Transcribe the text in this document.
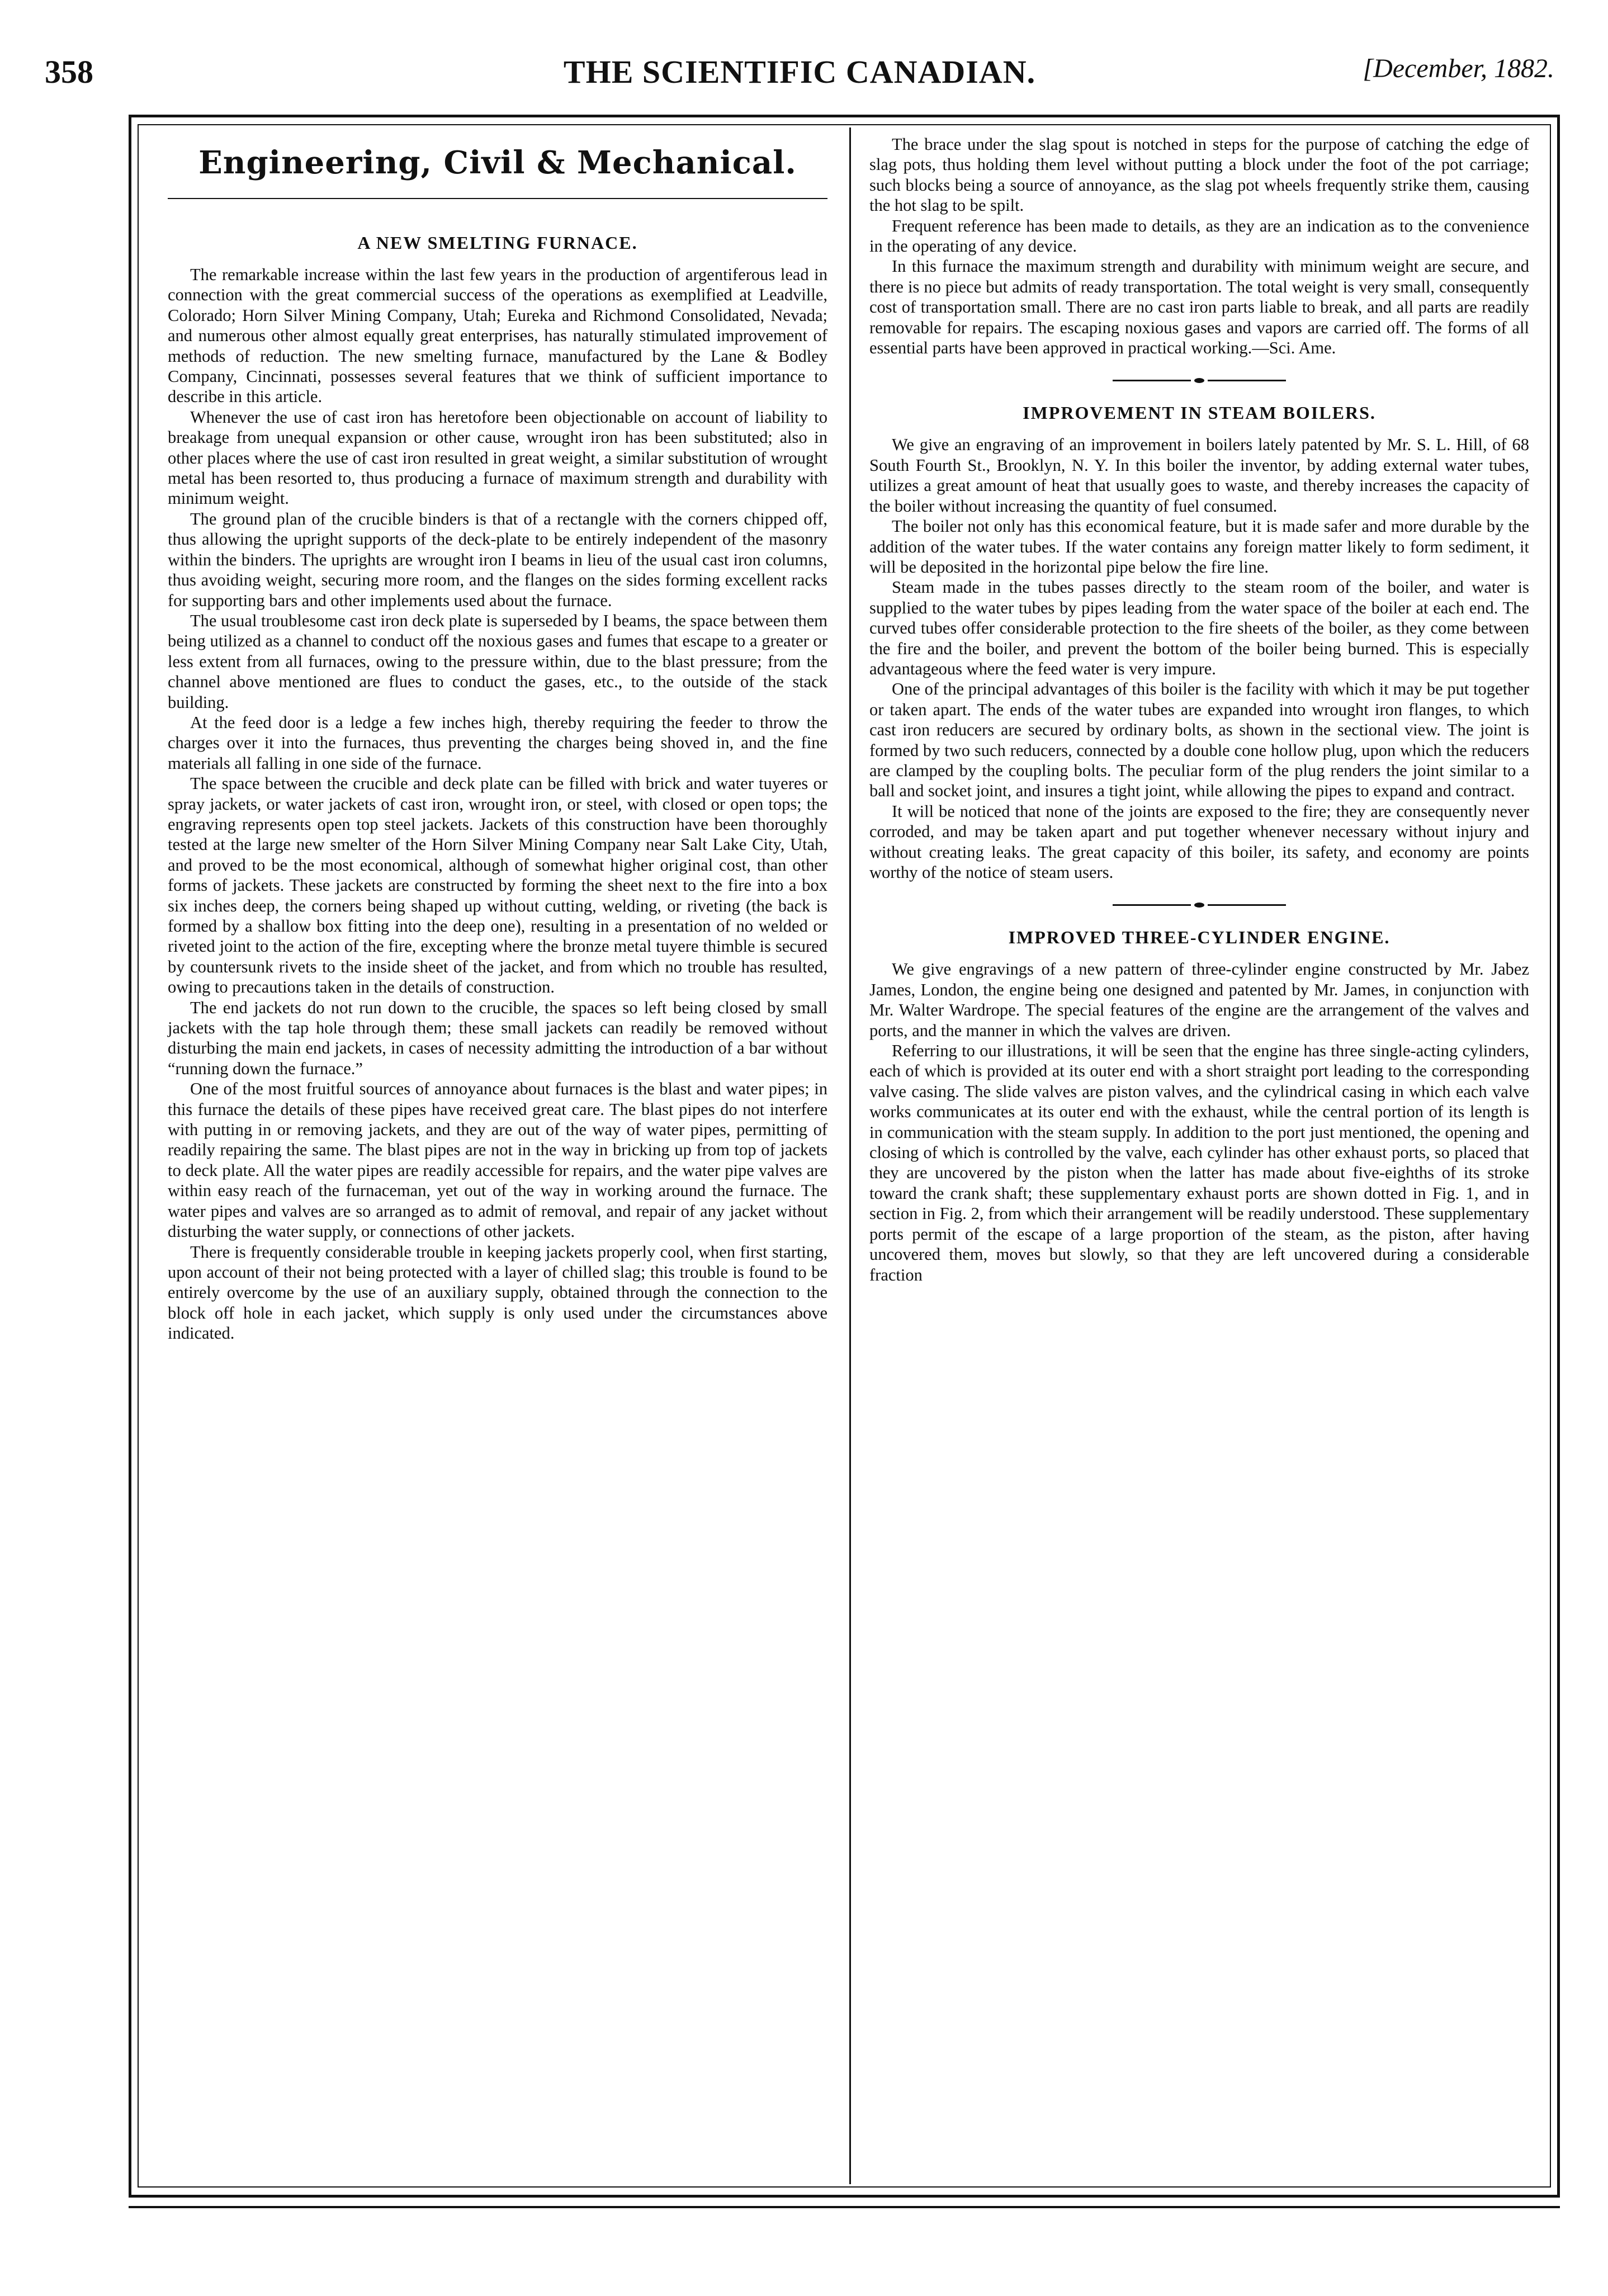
358	THE SCIENTIFIC CANADIAN.	[December, 1882.
Engineering, Civil & Mechanical.
A NEW SMELTING FURNACE.

The remarkable increase within the last few years in the production of argentiferous lead in connection with the great commercial success of the operations as exemplified at Leadville, Colorado; Horn Silver Mining Company, Utah; Eureka and Richmond Consolidated, Nevada; and numerous other almost equally great enterprises, has naturally stimulated improvement of methods of reduction. The new smelting furnace, manufactured by the Lane & Bodley Company, Cincinnati, possesses several features that we think of sufficient importance to describe in this article.

Whenever the use of cast iron has heretofore been objectionable on account of liability to breakage from unequal expansion or other cause, wrought iron has been substituted; also in other places where the use of cast iron resulted in great weight, a similar substitution of wrought metal has been resorted to, thus producing a furnace of maximum strength and durability with minimum weight.

The ground plan of the crucible binders is that of a rectangle with the corners chipped off, thus allowing the upright supports of the deck-plate to be entirely independent of the masonry within the binders. The uprights are wrought iron I beams in lieu of the usual cast iron columns, thus avoiding weight, securing more room, and the flanges on the sides forming excellent racks for supporting bars and other implements used about the furnace.

The usual troublesome cast iron deck plate is superseded by I beams, the space between them being utilized as a channel to conduct off the noxious gases and fumes that escape to a greater or less extent from all furnaces, owing to the pressure within, due to the blast pressure; from the channel above mentioned are flues to conduct the gases, etc., to the outside of the stack building.

At the feed door is a ledge a few inches high, thereby requiring the feeder to throw the charges over it into the furnaces, thus preventing the charges being shoved in, and the fine materials all falling in one side of the furnace.

The space between the crucible and deck plate can be filled with brick and water tuyeres or spray jackets, or water jackets of cast iron, wrought iron, or steel, with closed or open tops; the engraving represents open top steel jackets. Jackets of this construction have been thoroughly tested at the large new smelter of the Horn Silver Mining Company near Salt Lake City, Utah, and proved to be the most economical, although of somewhat higher original cost, than other forms of jackets. These jackets are constructed by forming the sheet next to the fire into a box six inches deep, the corners being shaped up without cutting, welding, or riveting (the back is formed by a shallow box fitting into the deep one), resulting in a presentation of no welded or riveted joint to the action of the fire, excepting where the bronze metal tuyere thimble is secured by countersunk rivets to the inside sheet of the jacket, and from which no trouble has resulted, owing to precautions taken in the details of construction.

The end jackets do not run down to the crucible, the spaces so left being closed by small jackets with the tap hole through them; these small jackets can readily be removed without disturbing the main end jackets, in cases of necessity admitting the introduction of a bar without “running down the furnace.”

One of the most fruitful sources of annoyance about furnaces is the blast and water pipes; in this furnace the details of these pipes have received great care. The blast pipes do not interfere with putting in or removing jackets, and they are out of the way of water pipes, permitting of readily repairing the same. The blast pipes are not in the way in bricking up from top of jackets to deck plate. All the water pipes are readily accessible for repairs, and the water pipe valves are within easy reach of the furnaceman, yet out of the way in working around the furnace. The water pipes and valves are so arranged as to admit of removal, and repair of any jacket without disturbing the water supply, or connections of other jackets.

There is frequently considerable trouble in keeping jackets properly cool, when first starting, upon account of their not being protected with a layer of chilled slag; this trouble is found to be entirely overcome by the use of an auxiliary supply, obtained through the connection to the block off hole in each jacket, which supply is only used under the circumstances above indicated.

The brace under the slag spout is notched in steps for the purpose of catching the edge of slag pots, thus holding them level without putting a block under the foot of the pot carriage; such blocks being a source of annoyance, as the slag pot wheels frequently strike them, causing the hot slag to be spilt.

Frequent reference has been made to details, as they are an indication as to the convenience in the operating of any device.

In this furnace the maximum strength and durability with minimum weight are secure, and there is no piece but admits of ready transportation. The total weight is very small, consequently cost of transportation small. There are no cast iron parts liable to break, and all parts are readily removable for repairs. The escaping noxious gases and vapors are carried off. The forms of all essential parts have been approved in practical working.—Sci. Ame.

IMPROVEMENT IN STEAM BOILERS.

We give an engraving of an improvement in boilers lately patented by Mr. S. L. Hill, of 68 South Fourth St., Brooklyn, N. Y. In this boiler the inventor, by adding external water tubes, utilizes a great amount of heat that usually goes to waste, and thereby increases the capacity of the boiler without increasing the quantity of fuel consumed.

The boiler not only has this economical feature, but it is made safer and more durable by the addition of the water tubes. If the water contains any foreign matter likely to form sediment, it will be deposited in the horizontal pipe below the fire line.

Steam made in the tubes passes directly to the steam room of the boiler, and water is supplied to the water tubes by pipes leading from the water space of the boiler at each end. The curved tubes offer considerable protection to the fire sheets of the boiler, as they come between the fire and the boiler, and prevent the bottom of the boiler being burned. This is especially advantageous where the feed water is very impure.

One of the principal advantages of this boiler is the facility with which it may be put together or taken apart. The ends of the water tubes are expanded into wrought iron flanges, to which cast iron reducers are secured by ordinary bolts, as shown in the sectional view. The joint is formed by two such reducers, connected by a double cone hollow plug, upon which the reducers are clamped by the coupling bolts. The peculiar form of the plug renders the joint similar to a ball and socket joint, and insures a tight joint, while allowing the pipes to expand and contract.

It will be noticed that none of the joints are exposed to the fire; they are consequently never corroded, and may be taken apart and put together whenever necessary without injury and without creating leaks. The great capacity of this boiler, its safety, and economy are points worthy of the notice of steam users.

IMPROVED THREE-CYLINDER ENGINE.

We give engravings of a new pattern of three-cylinder engine constructed by Mr. Jabez James, London, the engine being one designed and patented by Mr. James, in conjunction with Mr. Walter Wardrope. The special features of the engine are the arrangement of the valves and ports, and the manner in which the valves are driven.

Referring to our illustrations, it will be seen that the engine has three single-acting cylinders, each of which is provided at its outer end with a short straight port leading to the corresponding valve casing. The slide valves are piston valves, and the cylindrical casing in which each valve works communicates at its outer end with the exhaust, while the central portion of its length is in communication with the steam supply. In addition to the port just mentioned, the opening and closing of which is controlled by the valve, each cylinder has other exhaust ports, so placed that they are uncovered by the piston when the latter has made about five-eighths of its stroke toward the crank shaft; these supplementary exhaust ports are shown dotted in Fig. 1, and in section in Fig. 2, from which their arrangement will be readily understood. These supplementary ports permit of the escape of a large proportion of the steam, as the piston, after having uncovered them, moves but slowly, so that they are left uncovered during a considerable fraction
